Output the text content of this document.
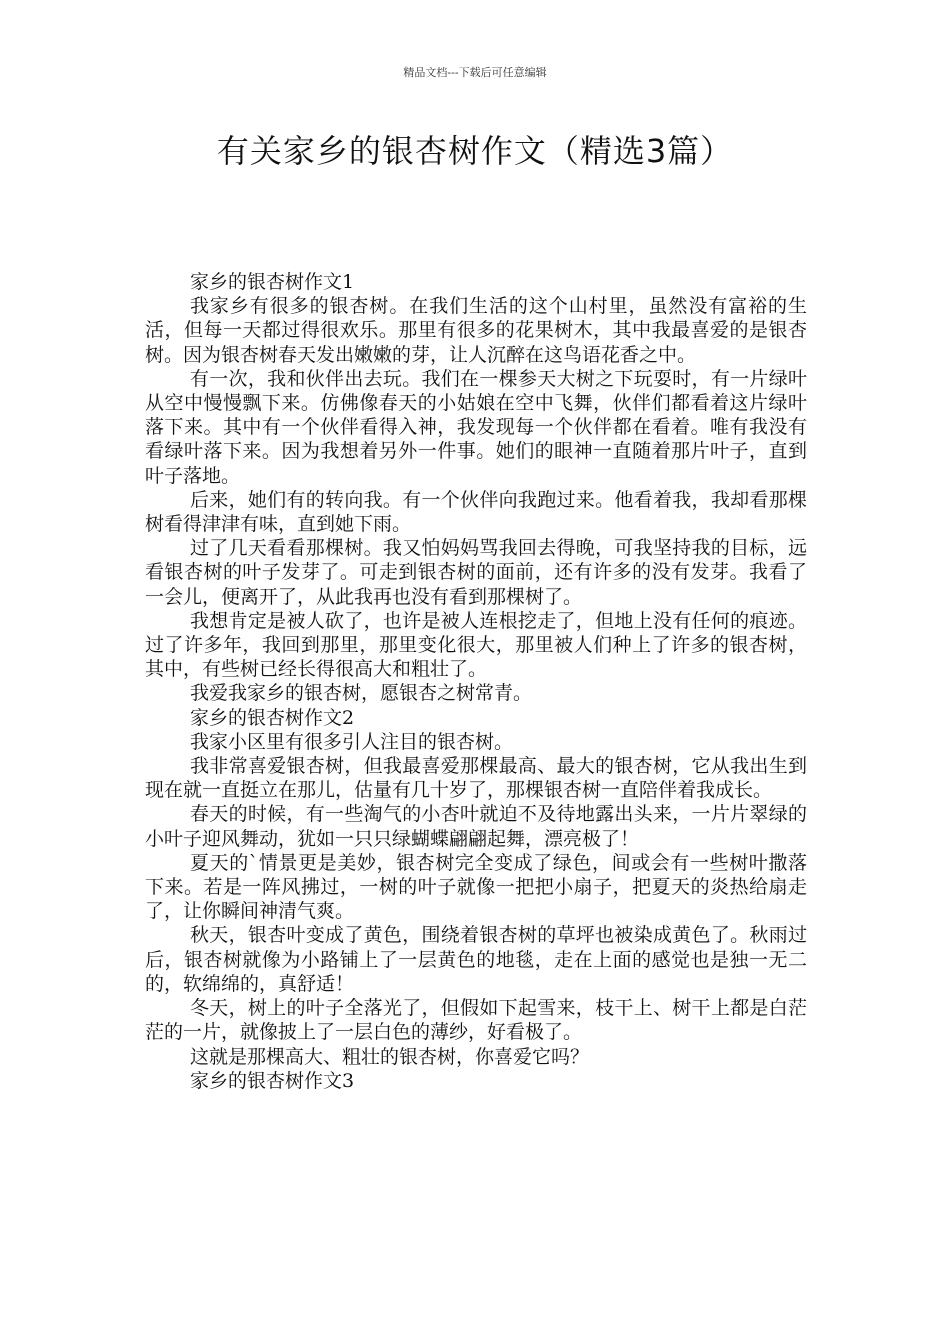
精品文档---下载后可任意编辑
有关家乡的银杏树作文（精选3篇）

家乡的银杏树作文1

我家乡有很多的银杏树。在我们生活的这个山村里，虽然没有富裕的生活，但每一天都过得很欢乐。那里有很多的花果树木，其中我最喜爱的是银杏树。因为银杏树春天发出嫩嫩的芽，让人沉醉在这鸟语花香之中。

有一次，我和伙伴出去玩。我们在一棵参天大树之下玩耍时，有一片绿叶从空中慢慢飘下来。仿佛像春天的小姑娘在空中飞舞，伙伴们都看着这片绿叶落下来。其中有一个伙伴看得入神，我发现每一个伙伴都在看着。唯有我没有看绿叶落下来。因为我想着另外一件事。她们的眼神一直随着那片叶子，直到叶子落地。

后来，她们有的转向我。有一个伙伴向我跑过来。他看着我，我却看那棵树看得津津有味，直到她下雨。

过了几天看看那棵树。我又怕妈妈骂我回去得晚，可我坚持我的目标，远看银杏树的叶子发芽了。可走到银杏树的面前，还有许多的没有发芽。我看了一会儿，便离开了，从此我再也没有看到那棵树了。

我想肯定是被人砍了，也许是被人连根挖走了，但地上没有任何的痕迹。过了许多年，我回到那里，那里变化很大，那里被人们种上了许多的银杏树，其中，有些树已经长得很高大和粗壮了。

我爱我家乡的银杏树，愿银杏之树常青。

家乡的银杏树作文2

我家小区里有很多引人注目的银杏树。

我非常喜爱银杏树，但我最喜爱那棵最高、最大的银杏树，它从我出生到现在就一直挺立在那儿，估量有几十岁了，那棵银杏树一直陪伴着我成长。

春天的时候，有一些淘气的小杏叶就迫不及待地露出头来，一片片翠绿的小叶子迎风舞动，犹如一只只绿蝴蝶翩翩起舞，漂亮极了！

夏天的`情景更是美妙，银杏树完全变成了绿色，间或会有一些树叶撒落下来。若是一阵风拂过，一树的叶子就像一把把小扇子，把夏天的炎热给扇走了，让你瞬间神清气爽。

秋天，银杏叶变成了黄色，围绕着银杏树的草坪也被染成黄色了。秋雨过后，银杏树就像为小路铺上了一层黄色的地毯，走在上面的感觉也是独一无二的，软绵绵的，真舒适！

冬天，树上的叶子全落光了，但假如下起雪来，枝干上、树干上都是白茫茫的一片，就像披上了一层白色的薄纱，好看极了。

这就是那棵高大、粗壮的银杏树，你喜爱它吗？

家乡的银杏树作文3
